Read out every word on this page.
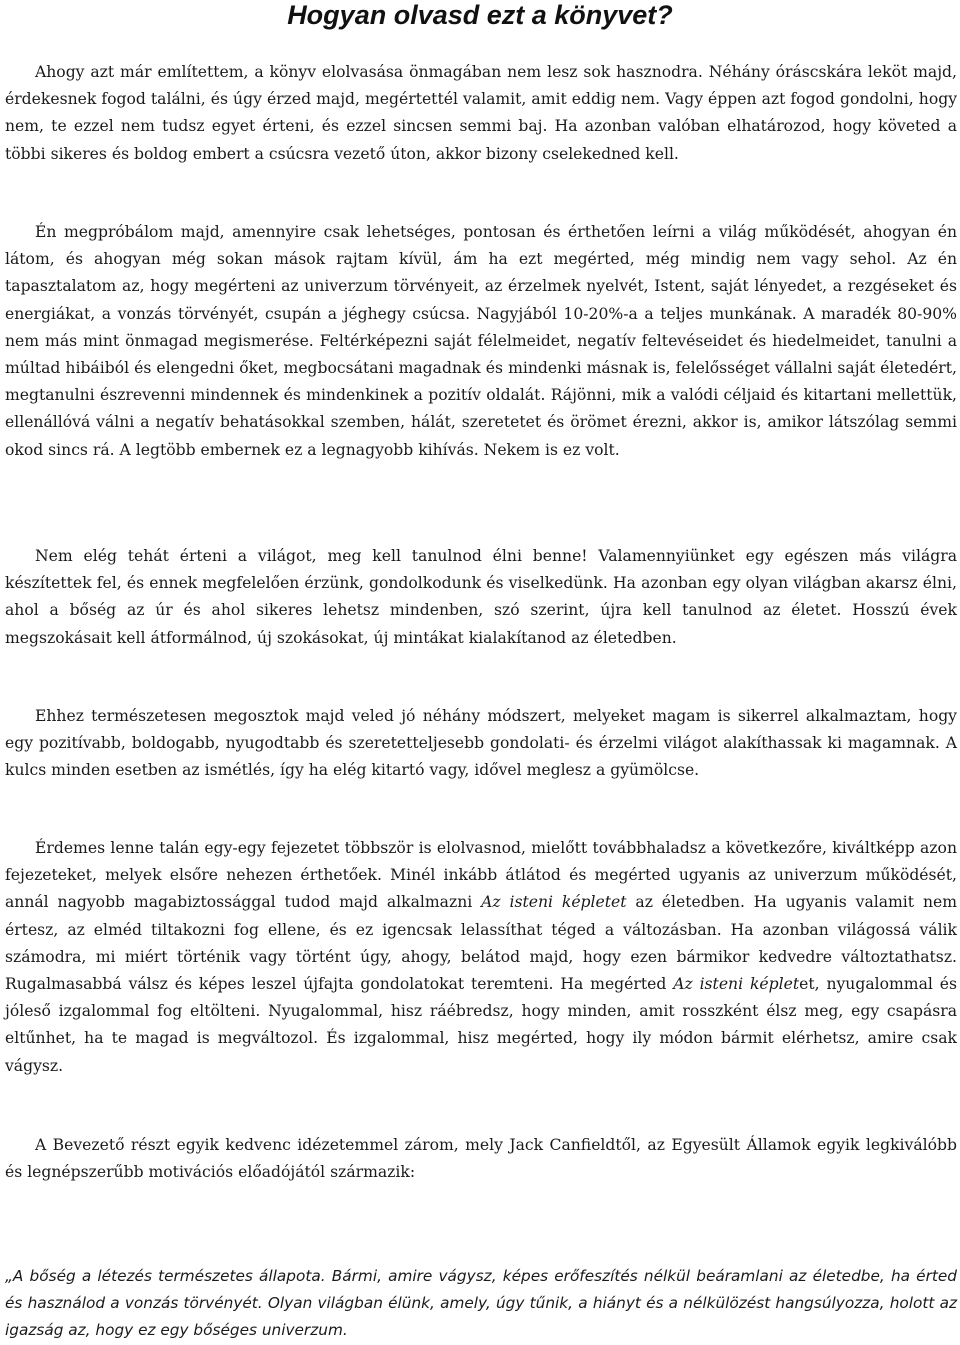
Hogyan olvasd ezt a könyvet?

Ahogy azt már említettem, a könyv elolvasása önmagában nem lesz sok hasznodra. Néhány óráscskára leköt majd, érdekesnek fogod találni, és úgy érzed majd, megértettél valamit, amit eddig nem. Vagy éppen azt fogod gondolni, hogy nem, te ezzel nem tudsz egyet érteni, és ezzel sincsen semmi baj. Ha azonban valóban elhatározod, hogy követed a többi sikeres és boldog embert a csúcsra vezető úton, akkor bizony cselekedned kell.

Én megpróbálom majd, amennyire csak lehetséges, pontosan és érthetően leírni a világ működését, ahogyan én látom, és ahogyan még sokan mások rajtam kívül, ám ha ezt megérted, még mindig nem vagy sehol. Az én tapasztalatom az, hogy megérteni az univerzum törvényeit, az érzelmek nyelvét, Istent, saját lényedet, a rezgéseket és energiákat, a vonzás törvényét, csupán a jéghegy csúcsa. Nagyjából 10-20%-a a teljes munkának. A maradék 80-90% nem más mint önmagad megismerése. Feltérképezni saját félelmeidet, negatív feltevéseidet és hiedelmeidet, tanulni a múltad hibáiból és elengedni őket, megbocsátani magadnak és mindenki másnak is, felelősséget vállalni saját életedért, megtanulni észrevenni mindennek és mindenkinek a pozitív oldalát. Rájönni, mik a valódi céljaid és kitartani mellettük, ellenállóvá válni a negatív behatásokkal szemben, hálát, szeretetet és örömet érezni, akkor is, amikor látszólag semmi okod sincs rá. A legtöbb embernek ez a legnagyobb kihívás. Nekem is ez volt.

Nem elég tehát érteni a világot, meg kell tanulnod élni benne! Valamennyiünket egy egészen más világra készítettek fel, és ennek megfelelően érzünk, gondolkodunk és viselkedünk. Ha azonban egy olyan világban akarsz élni, ahol a bőség az úr és ahol sikeres lehetsz mindenben, szó szerint, újra kell tanulnod az életet. Hosszú évek megszokásait kell átformálnod, új szokásokat, új mintákat kialakítanod az életedben.

Ehhez természetesen megosztok majd veled jó néhány módszert, melyeket magam is sikerrel alkalmaztam, hogy egy pozitívabb, boldogabb, nyugodtabb és szeretetteljesebb gondolati- és érzelmi világot alakíthassak ki magamnak. A kulcs minden esetben az ismétlés, így ha elég kitartó vagy, idővel meglesz a gyümölcse.

Érdemes lenne talán egy-egy fejezetet többször is elolvasnod, mielőtt továbbhaladsz a következőre, kiváltképp azon fejezeteket, melyek elsőre nehezen érthetőek. Minél inkább átlátod és megérted ugyanis az univerzum működését, annál nagyobb magabiztossággal tudod majd alkalmazni Az isteni képletet az életedben. Ha ugyanis valamit nem értesz, az elméd tiltakozni fog ellene, és ez igencsak lelassíthat téged a változásban. Ha azonban világossá válik számodra, mi miért történik vagy történt úgy, ahogy, belátod majd, hogy ezen bármikor kedvedre változtathatsz. Rugalmasabbá válsz és képes leszel újfajta gondolatokat teremteni. Ha megérted Az isteni képletet, nyugalommal és jóleső izgalommal fog eltölteni. Nyugalommal, hisz ráébredsz, hogy minden, amit rosszként élsz meg, egy csapásra eltűnhet, ha te magad is megváltozol. És izgalommal, hisz megérted, hogy ily módon bármit elérhetsz, amire csak vágysz.

A Bevezető részt egyik kedvenc idézetemmel zárom, mely Jack Canfieldtől, az Egyesült Államok egyik legkiválóbb és legnépszerűbb motivációs előadójától származik:

„A bőség a létezés természetes állapota. Bármi, amire vágysz, képes erőfeszítés nélkül beáramlani az életedbe, ha érted és használod a vonzás törvényét. Olyan világban élünk, amely, úgy tűnik, a hiányt és a nélkülözést hangsúlyozza, holott az igazság az, hogy ez egy bőséges univerzum.
